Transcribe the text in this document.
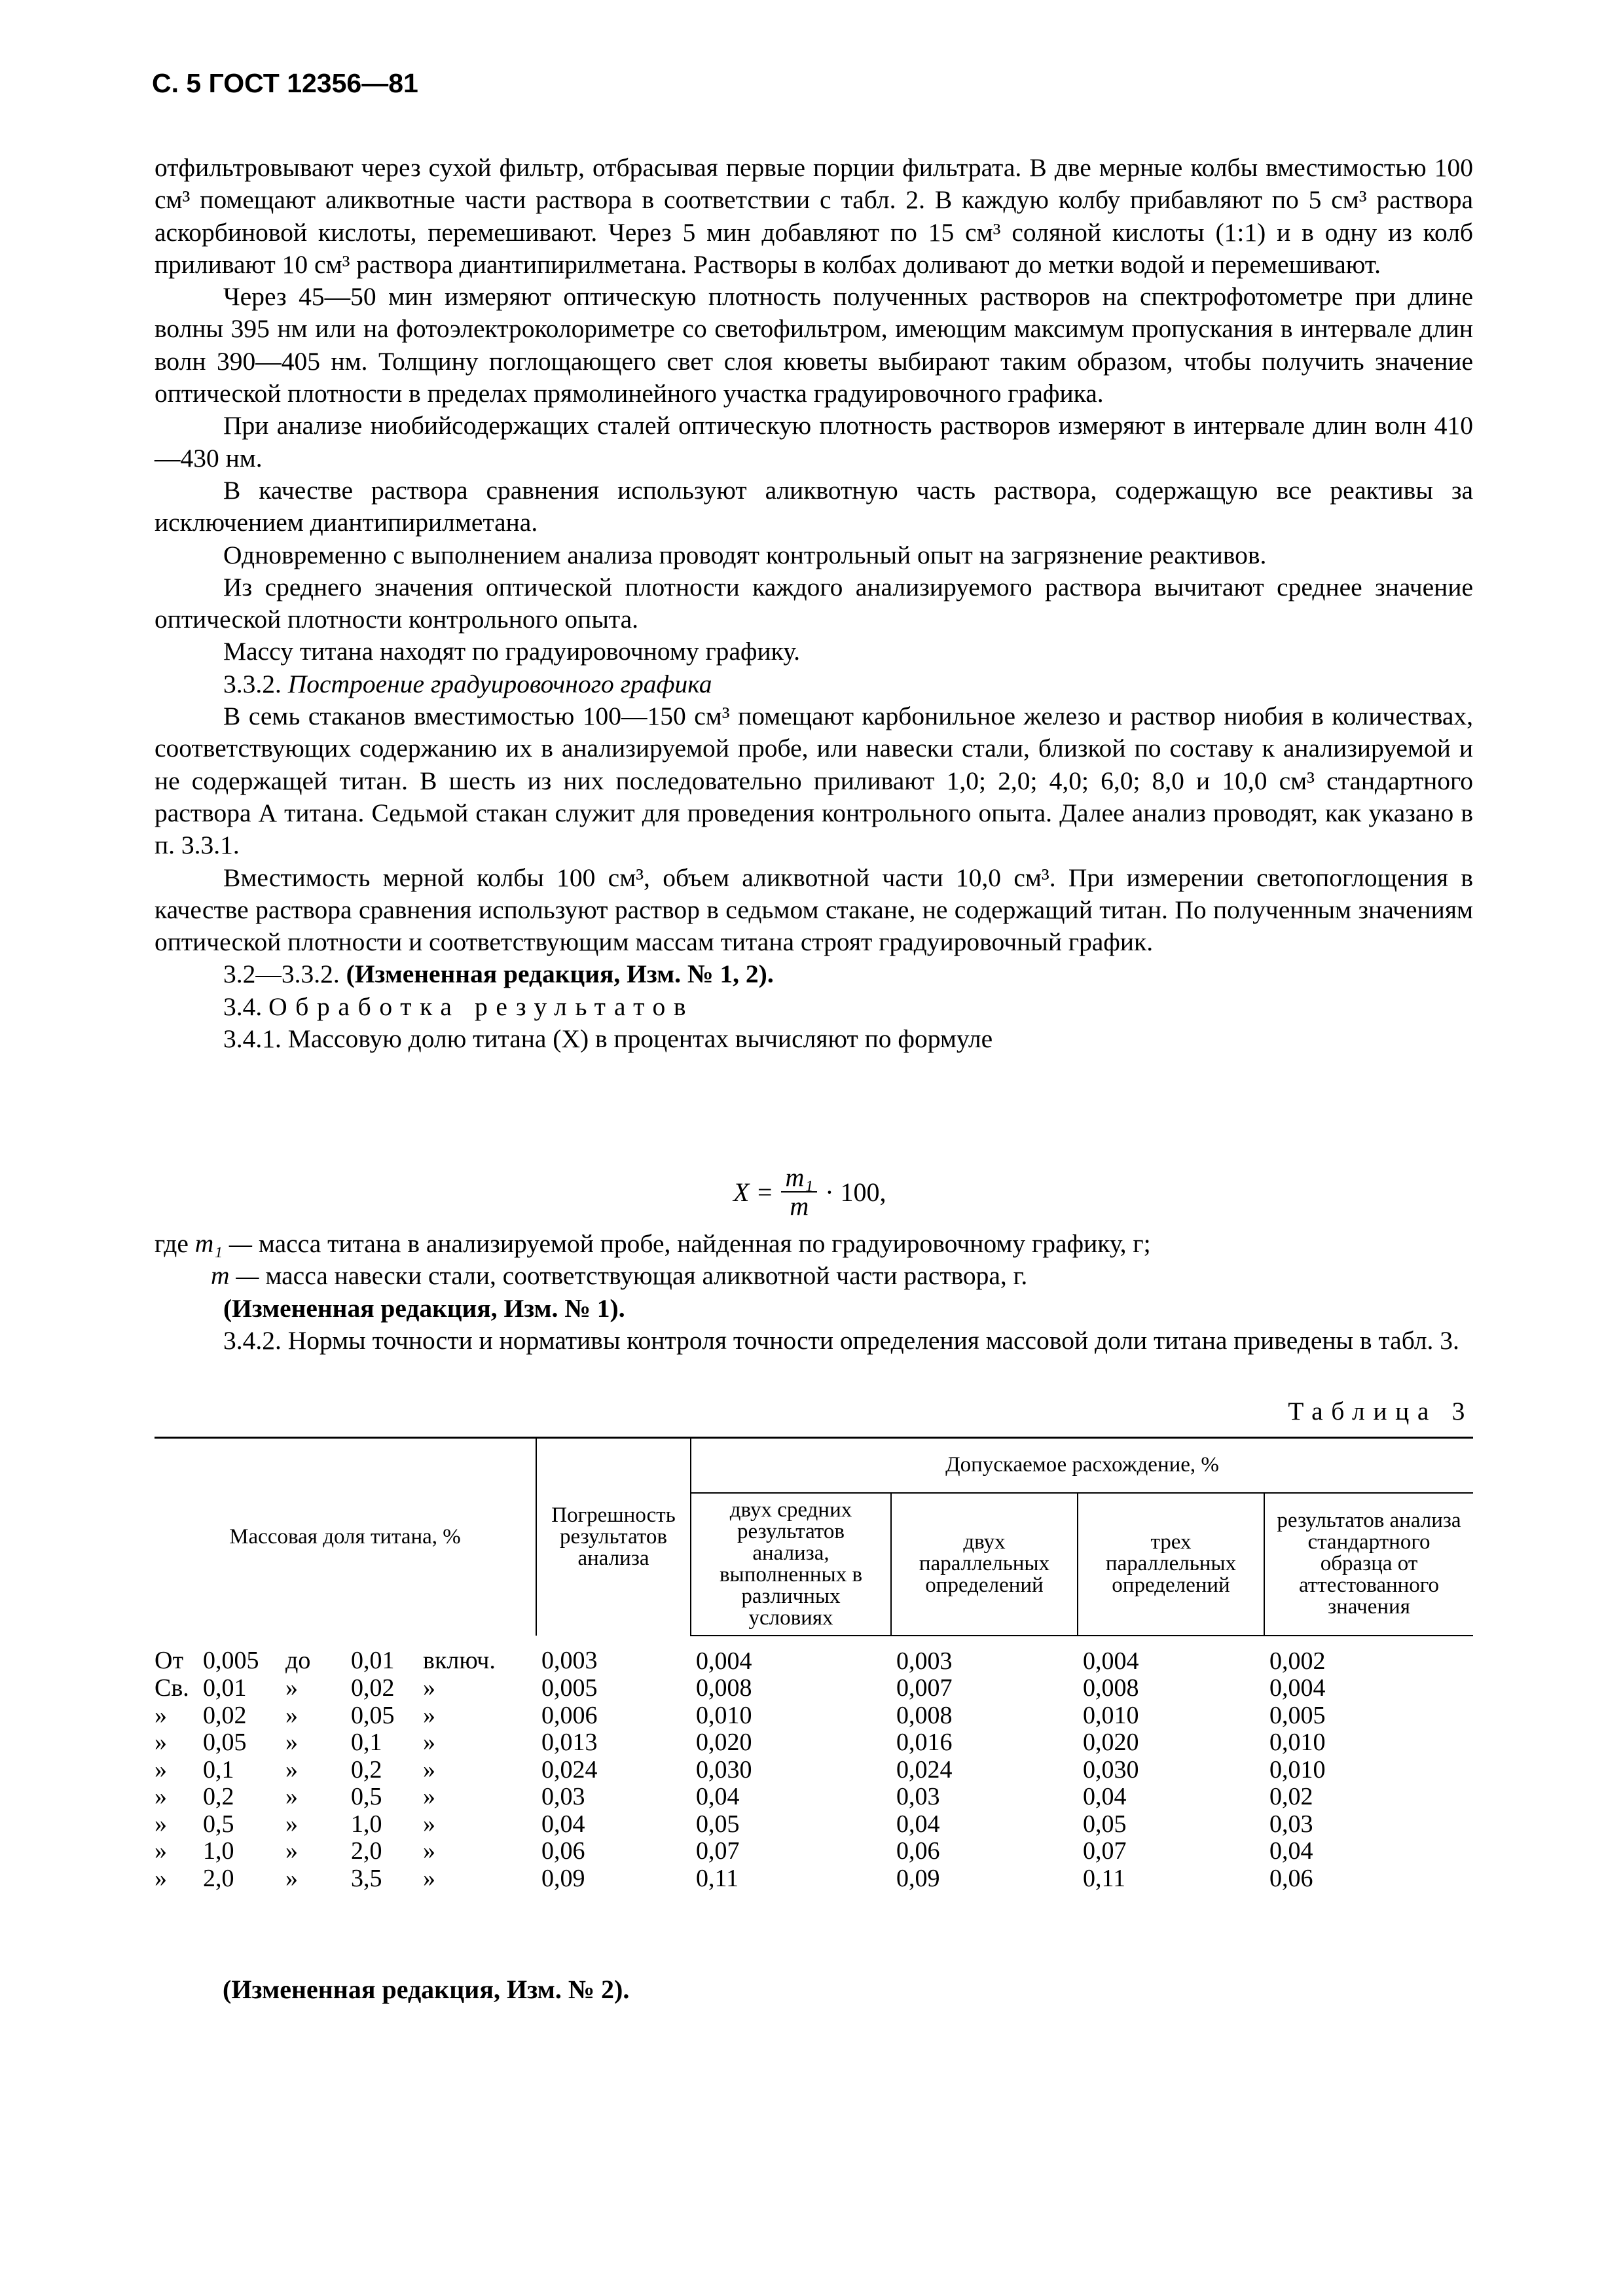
С. 5 ГОСТ 12356—81

отфильтровывают через сухой фильтр, отбрасывая первые порции фильтрата. В две мерные колбы вместимостью 100 см³ помещают аликвотные части раствора в соответствии с табл. 2. В каждую колбу прибавляют по 5 см³ раствора аскорбиновой кислоты, перемешивают. Через 5 мин добавляют по 15 см³ соляной кислоты (1:1) и в одну из колб приливают 10 см³ раствора диантипирилметана. Растворы в колбах доливают до метки водой и перемешивают.

Через 45—50 мин измеряют оптическую плотность полученных растворов на спектрофотометре при длине волны 395 нм или на фотоэлектроколориметре со светофильтром, имеющим максимум пропускания в интервале длин волн 390—405 нм. Толщину поглощающего свет слоя кюветы выбирают таким образом, чтобы получить значение оптической плотности в пределах прямолинейного участка градуировочного графика.

При анализе ниобийсодержащих сталей оптическую плотность растворов измеряют в интервале длин волн 410—430 нм.

В качестве раствора сравнения используют аликвотную часть раствора, содержащую все реактивы за исключением диантипирилметана.

Одновременно с выполнением анализа проводят контрольный опыт на загрязнение реактивов.

Из среднего значения оптической плотности каждого анализируемого раствора вычитают среднее значение оптической плотности контрольного опыта.

Массу титана находят по градуировочному графику.

3.3.2. Построение градуировочного графика

В семь стаканов вместимостью 100—150 см³ помещают карбонильное железо и раствор ниобия в количествах, соответствующих содержанию их в анализируемой пробе, или навески стали, близкой по составу к анализируемой и не содержащей титан. В шесть из них последовательно приливают 1,0; 2,0; 4,0; 6,0; 8,0 и 10,0 см³ стандартного раствора А титана. Седьмой стакан служит для проведения контрольного опыта. Далее анализ проводят, как указано в п. 3.3.1.

Вместимость мерной колбы 100 см³, объем аликвотной части 10,0 см³. При измерении светопоглощения в качестве раствора сравнения используют раствор в седьмом стакане, не содержащий титан. По полученным значениям оптической плотности и соответствующим массам титана строят градуировочный график.

3.2—3.3.2. (Измененная редакция, Изм. № 1, 2).

3.4. Обработка результатов

3.4.1. Массовую долю титана (X) в процентах вычисляют по формуле

$X = \frac{\text{m₁}}{m} \cdot 100$,

где m₁ — масса титана в анализируемой пробе, найденная по градуировочному графику, г;

m — масса навески стали, соответствующая аликвотной части раствора, г.

(Измененная редакция, Изм. № 1).

3.4.2. Нормы точности и нормативы контроля точности определения массовой доли титана приведены в табл. 3.

Таблица 3
Массовая доля титана, %	Погрешность результатов анализа	Допускаемое расхождение, %			
		двух средних результатов анализа, выполненных в различных условиях	двух параллельных определений	трех параллельных определений	результатов анализа стандартного образца от аттестованного значения
От 0,005 до 0,01 включ.	0,003	0,004	0,003	0,004	0,002
Св. 0,01 » 0,02 »	0,005	0,008	0,007	0,008	0,004
» 0,02 » 0,05 »	0,006	0,010	0,008	0,010	0,005
» 0,05 » 0,1 »	0,013	0,020	0,016	0,020	0,010
» 0,1 » 0,2 »	0,024	0,030	0,024	0,030	0,010
» 0,2 » 0,5 »	0,03	0,04	0,03	0,04	0,02
» 0,5 » 1,0 »	0,04	0,05	0,04	0,05	0,03
» 1,0 » 2,0 »	0,06	0,07	0,06	0,07	0,04
» 2,0 » 3,5 »	0,09	0,11	0,09	0,11	0,06
(Измененная редакция, Изм. № 2).
